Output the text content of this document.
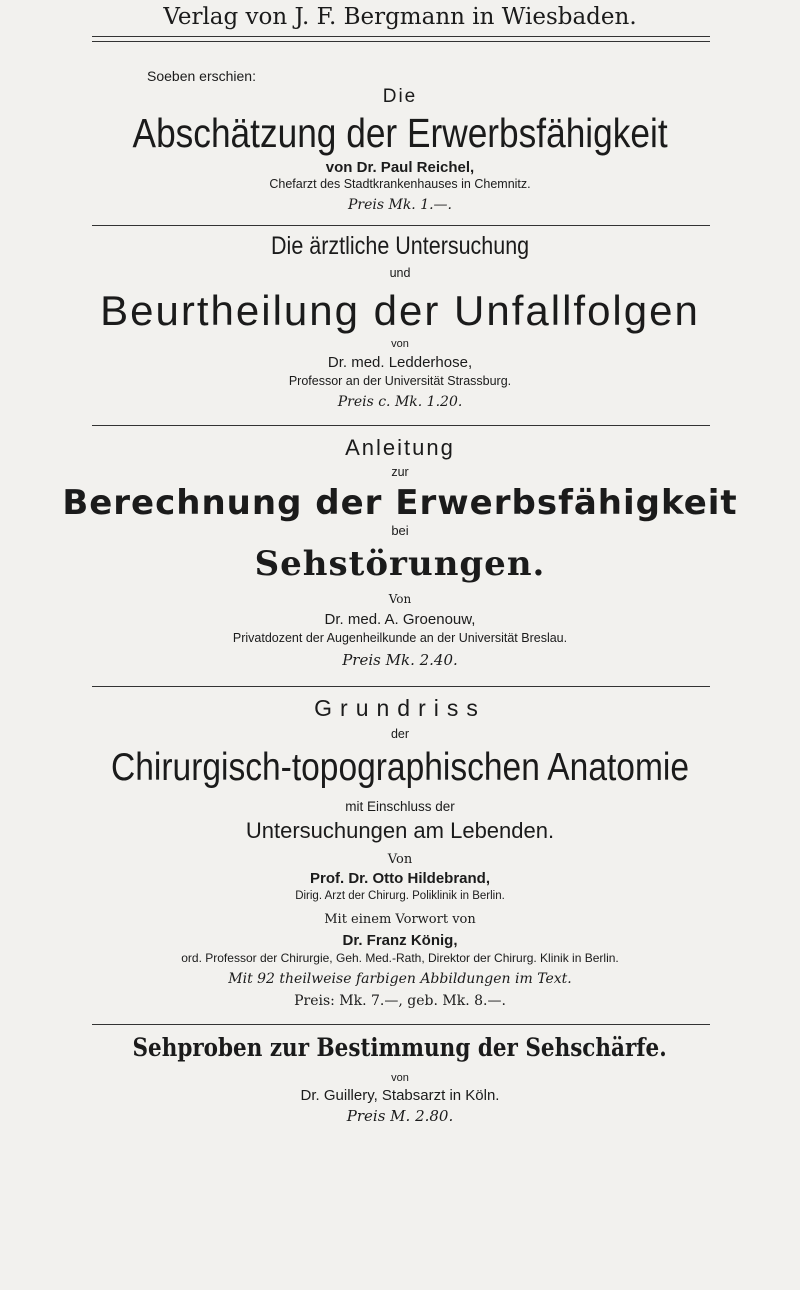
Verlag von J. F. Bergmann in Wiesbaden.
Soeben erschien:
Die
Abschätzung der Erwerbsfähigkeit
von Dr. Paul Reichel,
Chefarzt des Stadtkrankenhauses in Chemnitz.
Preis Mk. 1.—.
Die ärztliche Untersuchung
und
Beurtheilung der Unfallfolgen
von
Dr. med. Ledderhose,
Professor an der Universität Strassburg.
Preis c. Mk. 1.20.
Anleitung
zur
Berechnung der Erwerbsfähigkeit
bei
Sehstörungen.
Von
Dr. med. A. Groenouw,
Privatdozent der Augenheilkunde an der Universität Breslau.
Preis Mk. 2.40.
Grundriss
der
Chirurgisch-topographischen Anatomie
mit Einschluss der
Untersuchungen am Lebenden.
Von
Prof. Dr. Otto Hildebrand,
Dirig. Arzt der Chirurg. Poliklinik in Berlin.
Mit einem Vorwort von
Dr. Franz König,
ord. Professor der Chirurgie, Geh. Med.-Rath, Direktor der Chirurg. Klinik in Berlin.
Mit 92 theilweise farbigen Abbildungen im Text.
Preis: Mk. 7.—, geb. Mk. 8.—.
Sehproben zur Bestimmung der Sehschärfe.
von
Dr. Guillery, Stabsarzt in Köln.
Preis M. 2.80.
